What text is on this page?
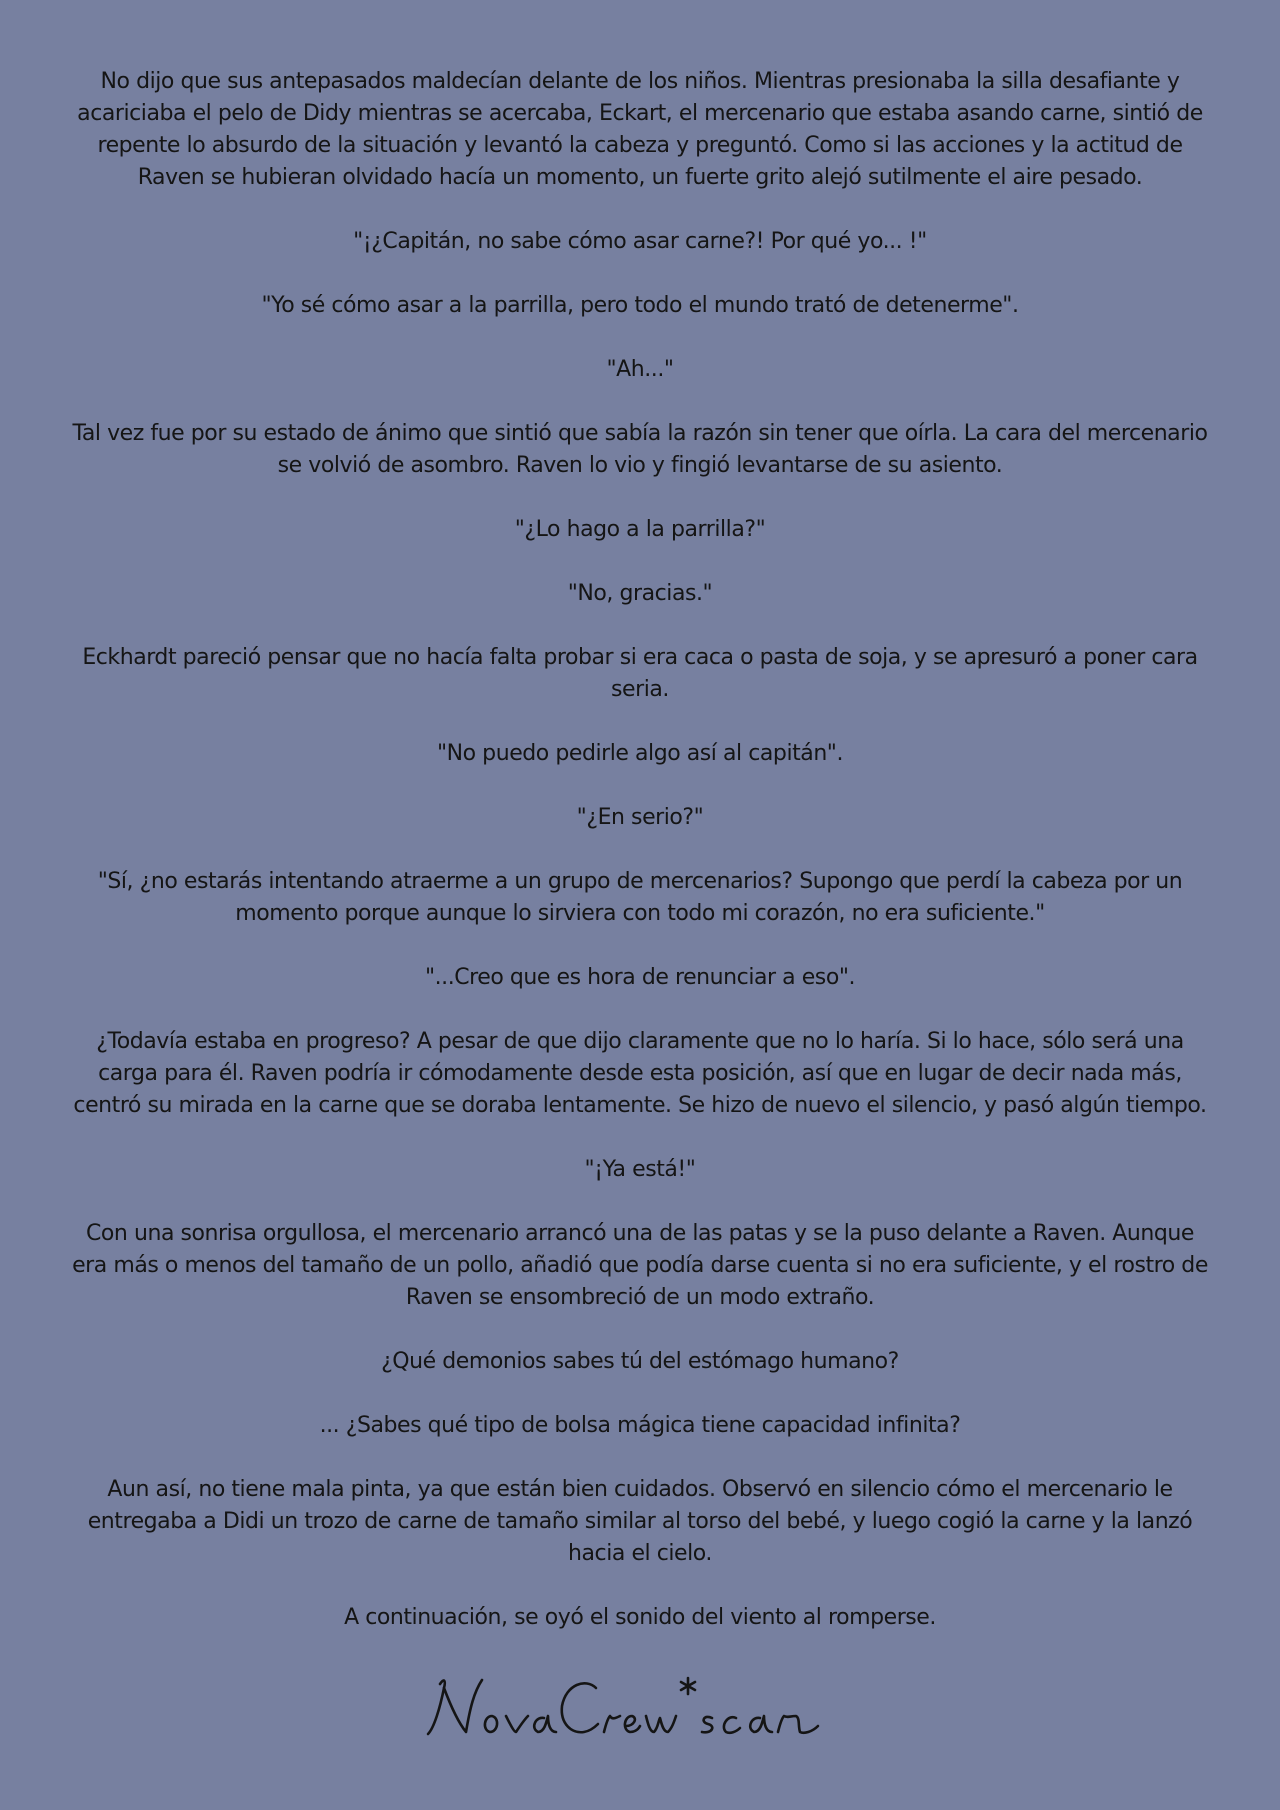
No dijo que sus antepasados maldecían delante de los niños. Mientras presionaba la silla desafiante y acariciaba el pelo de Didy mientras se acercaba, Eckart, el mercenario que estaba asando carne, sintió de repente lo absurdo de la situación y levantó la cabeza y preguntó. Como si las acciones y la actitud de Raven se hubieran olvidado hacía un momento, un fuerte grito alejó sutilmente el aire pesado.

"¡¿Capitán, no sabe cómo asar carne?! Por qué yo... !"

"Yo sé cómo asar a la parrilla, pero todo el mundo trató de detenerme".

"Ah..."

Tal vez fue por su estado de ánimo que sintió que sabía la razón sin tener que oírla. La cara del mercenario se volvió de asombro. Raven lo vio y fingió levantarse de su asiento.

"¿Lo hago a la parrilla?"

"No, gracias."

Eckhardt pareció pensar que no hacía falta probar si era caca o pasta de soja, y se apresuró a poner cara seria.

"No puedo pedirle algo así al capitán".

"¿En serio?"

"Sí, ¿no estarás intentando atraerme a un grupo de mercenarios? Supongo que perdí la cabeza por un momento porque aunque lo sirviera con todo mi corazón, no era suficiente."

"...Creo que es hora de renunciar a eso".

¿Todavía estaba en progreso? A pesar de que dijo claramente que no lo haría. Si lo hace, sólo será una carga para él. Raven podría ir cómodamente desde esta posición, así que en lugar de decir nada más, centró su mirada en la carne que se doraba lentamente. Se hizo de nuevo el silencio, y pasó algún tiempo.

"¡Ya está!"

Con una sonrisa orgullosa, el mercenario arrancó una de las patas y se la puso delante a Raven. Aunque era más o menos del tamaño de un pollo, añadió que podía darse cuenta si no era suficiente, y el rostro de Raven se ensombreció de un modo extraño.

¿Qué demonios sabes tú del estómago humano?

... ¿Sabes qué tipo de bolsa mágica tiene capacidad infinita?

Aun así, no tiene mala pinta, ya que están bien cuidados. Observó en silencio cómo el mercenario le entregaba a Didi un trozo de carne de tamaño similar al torso del bebé, y luego cogió la carne y la lanzó hacia el cielo.

A continuación, se oyó el sonido del viento al romperse.
